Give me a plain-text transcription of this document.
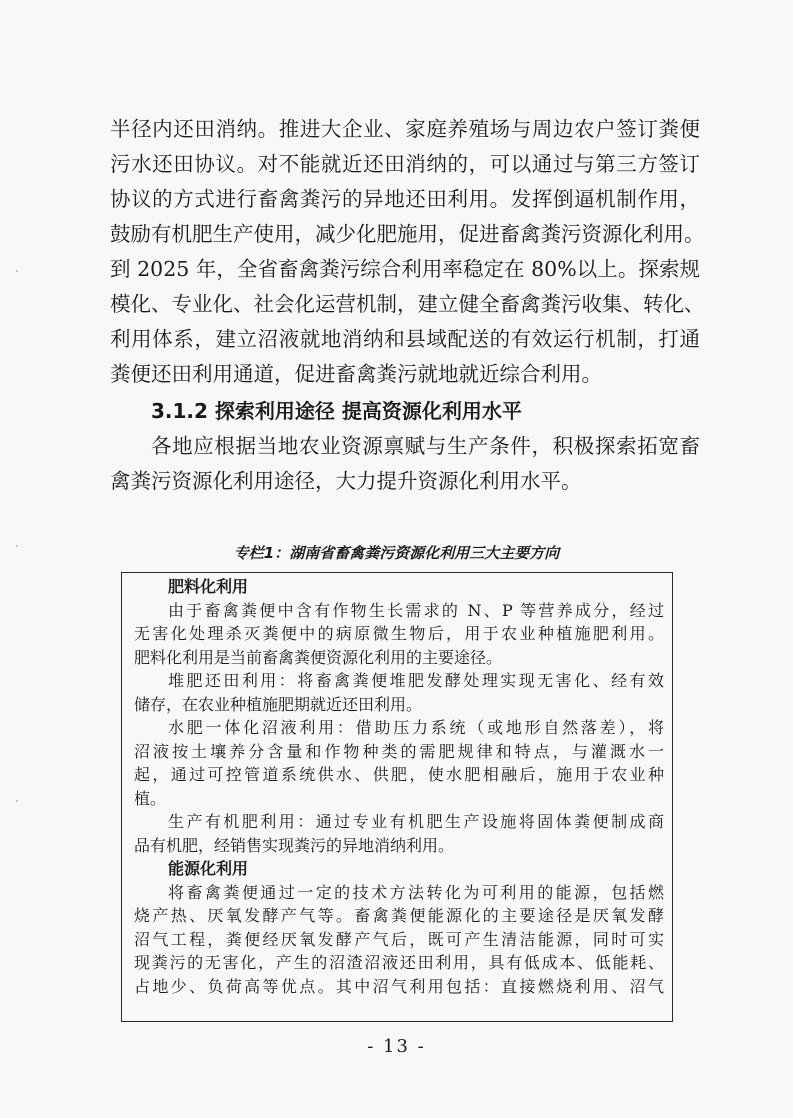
半径内还田消纳。推进大企业、家庭养殖场与周边农户签订粪便
污水还田协议。对不能就近还田消纳的，可以通过与第三方签订
协议的方式进行畜禽粪污的异地还田利用。发挥倒逼机制作用，
鼓励有机肥生产使用，减少化肥施用，促进畜禽粪污资源化利用。
到 2025 年，全省畜禽粪污综合利用率稳定在 80%以上。探索规
模化、专业化、社会化运营机制，建立健全畜禽粪污收集、转化、
利用体系，建立沼液就地消纳和县域配送的有效运行机制，打通
粪便还田利用通道，促进畜禽粪污就地就近综合利用。
3.1.2 探索利用途径 提高资源化利用水平
各地应根据当地农业资源禀赋与生产条件，积极探索拓宽畜
禽粪污资源化利用途径，大力提升资源化利用水平。
专栏1：湖南省畜禽粪污资源化利用三大主要方向
肥料化利用
由于畜禽粪便中含有作物生长需求的 N、P 等营养成分，经过
无害化处理杀灭粪便中的病原微生物后，用于农业种植施肥利用。
肥料化利用是当前畜禽粪便资源化利用的主要途径。
堆肥还田利用：将畜禽粪便堆肥发酵处理实现无害化、经有效
储存，在农业种植施肥期就近还田利用。
水肥一体化沼液利用：借助压力系统（或地形自然落差），将
沼液按土壤养分含量和作物种类的需肥规律和特点，与灌溉水一
起，通过可控管道系统供水、供肥，使水肥相融后，施用于农业种
植。
生产有机肥利用：通过专业有机肥生产设施将固体粪便制成商
品有机肥，经销售实现粪污的异地消纳利用。
能源化利用
将畜禽粪便通过一定的技术方法转化为可利用的能源，包括燃
烧产热、厌氧发酵产气等。畜禽粪便能源化的主要途径是厌氧发酵
沼气工程，粪便经厌氧发酵产气后，既可产生清洁能源，同时可实
现粪污的无害化，产生的沼渣沼液还田利用，具有低成本、低能耗、
占地少、负荷高等优点。其中沼气利用包括：直接燃烧利用、沼气
- 13 -
